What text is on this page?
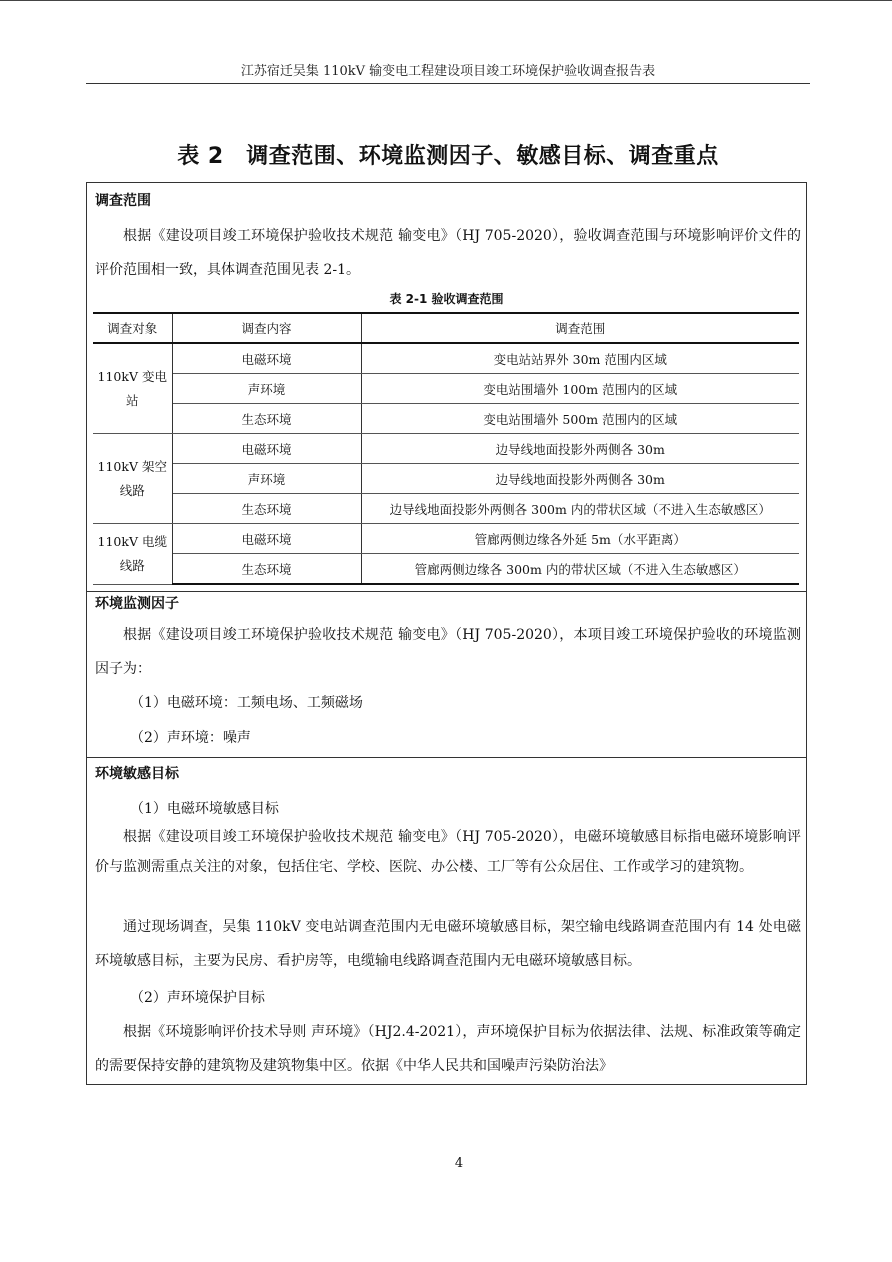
江苏宿迁吴集 110kV 输变电工程建设项目竣工环境保护验收调查报告表
表 2　调查范围、环境监测因子、敏感目标、调查重点
调查范围

根据《建设项目竣工环境保护验收技术规范 输变电》（HJ 705-2020），验收调查范围与环境影响评价文件的评价范围相一致，具体调查范围见表 2-1。

表 2-1 验收调查范围
调查对象	调查内容	调查范围
110kV 变电站	电磁环境	变电站站界外 30m 范围内区域
	声环境	变电站围墙外 100m 范围内的区域
	生态环境	变电站围墙外 500m 范围内的区域
110kV 架空线路	电磁环境	边导线地面投影外两侧各 30m
	声环境	边导线地面投影外两侧各 30m
	生态环境	边导线地面投影外两侧各 300m 内的带状区域（不进入生态敏感区）
110kV 电缆线路	电磁环境	管廊两侧边缘各外延 5m（水平距离）
	生态环境	管廊两侧边缘各 300m 内的带状区域（不进入生态敏感区）
环境监测因子

根据《建设项目竣工环境保护验收技术规范 输变电》（HJ 705-2020），本项目竣工环境保护验收的环境监测因子为：

（1）电磁环境：工频电场、工频磁场
（2）声环境：噪声
环境敏感目标
（1）电磁环境敏感目标

根据《建设项目竣工环境保护验收技术规范 输变电》（HJ 705-2020），电磁环境敏感目标指电磁环境影响评价与监测需重点关注的对象，包括住宅、学校、医院、办公楼、工厂等有公众居住、工作或学习的建筑物。

通过现场调查，吴集 110kV 变电站调查范围内无电磁环境敏感目标，架空输电线路调查范围内有 14 处电磁环境敏感目标，主要为民房、看护房等，电缆输电线路调查范围内无电磁环境敏感目标。

（2）声环境保护目标

根据《环境影响评价技术导则 声环境》（HJ2.4-2021），声环境保护目标为依据法律、法规、标准政策等确定的需要保持安静的建筑物及建筑物集中区。依据《中华人民共和国噪声污染防治法》

4
